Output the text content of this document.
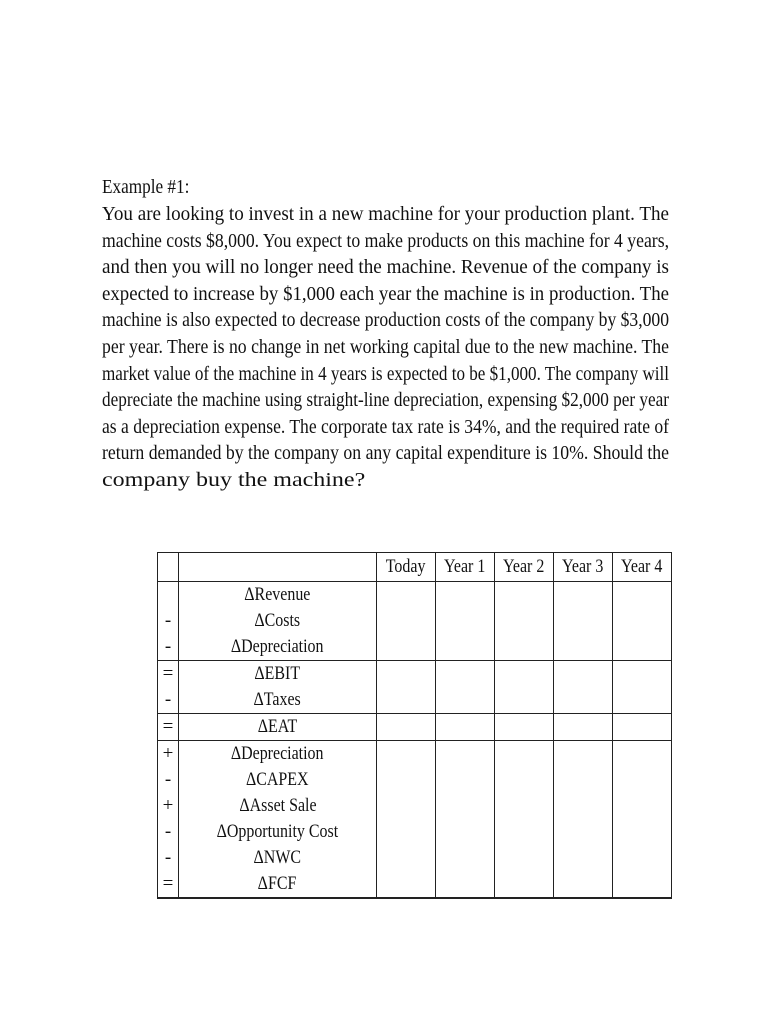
Example #1:
You are looking to invest in a new machine for your production plant. The
machine costs $8,000. You expect to make products on this machine for 4 years,
and then you will no longer need the machine. Revenue of the company is
expected to increase by $1,000 each year the machine is in production. The
machine is also expected to decrease production costs of the company by $3,000
per year. There is no change in net working capital due to the new machine. The
market value of the machine in 4 years is expected to be $1,000. The company will
depreciate the machine using straight-line depreciation, expensing $2,000 per year
as a depreciation expense. The corporate tax rate is 34%, and the required rate of
return demanded by the company on any capital expenditure is 10%. Should the
company buy the machine?
		Today	Year 1	Year 2	Year 3	Year 4
	ΔRevenue					
-	ΔCosts					
-	ΔDepreciation					
=	ΔEBIT					
-	ΔTaxes					
=	ΔEAT					
+	ΔDepreciation					
-	ΔCAPEX					
+	ΔAsset Sale					
-	ΔOpportunity Cost					
-	ΔNWC					
=	ΔFCF					
